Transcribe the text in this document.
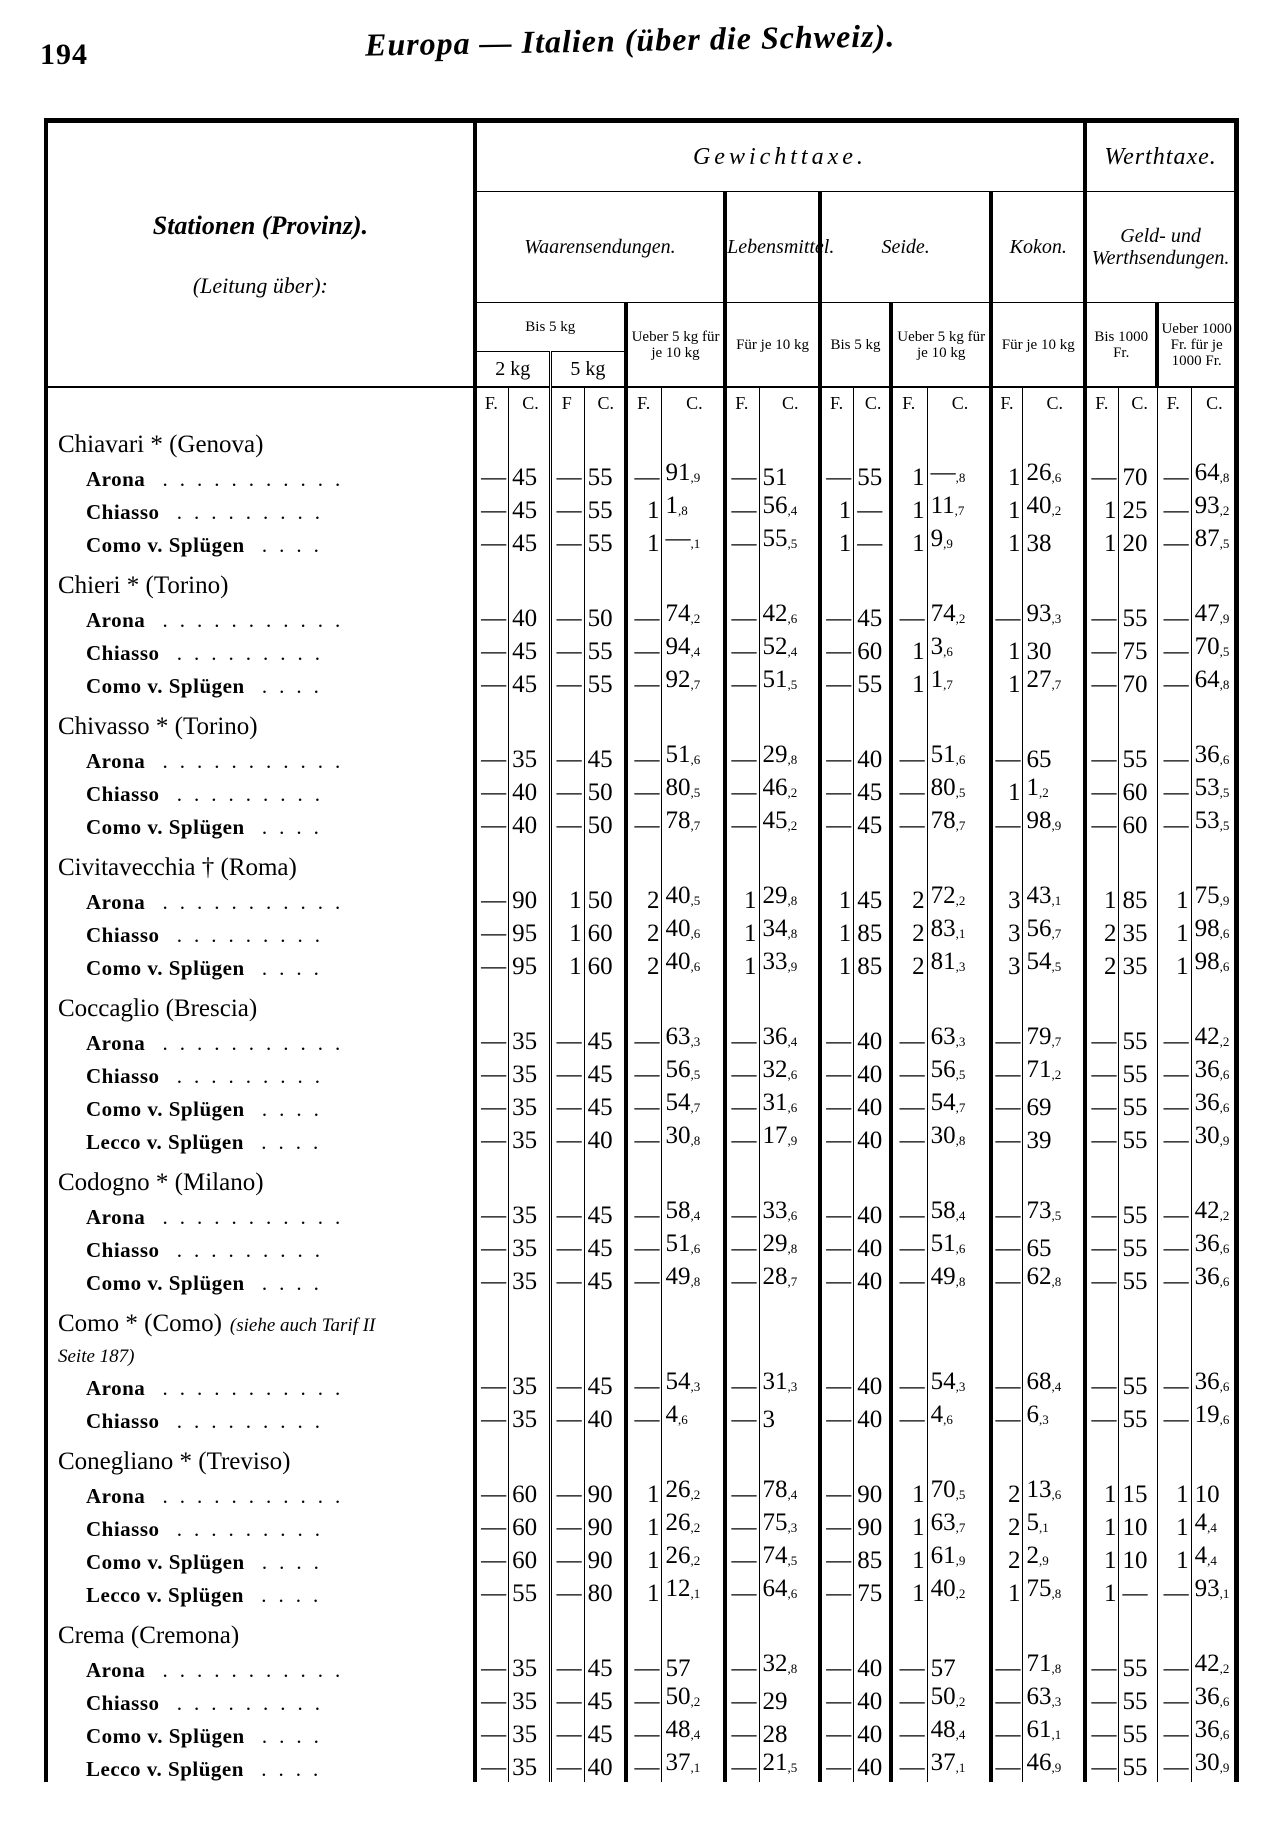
194	Europa — Italien (über die Schweiz).
Stationen (Provinz).
(Leitung über):	Gewichttaxe.														Werthtaxe.			
	Waarensendungen.						Lebensmittel.		Seide.				Kokon.		Geld- und Werthsendungen.			
	Bis 5 kg				Ueber 5 kg für je 10 kg		Für je 10 kg		Bis 5 kg		Ueber 5 kg für je 10 kg		Für je 10 kg		Bis 1000 Fr.		Ueber 1000 Fr. für je 1000 Fr.	
	2 kg		5 kg															
	F.	C.	F	C.	F.	C.	F.	C.	F.	C.	F.	C.	F.	C.	F.	C.	F.	C.
Chiavari * (Genova)																		
Arona ...........	—	45	—	55	—	$91_{,9}$	—	51	—	55	1	$—_{,8}$	1	$26_{,6}$	—	70	—	$64_{,8}$
Chiasso .........	—	45	—	55	1	$1_{,8}$	—	$56_{,4}$	1	—	1	$11_{,7}$	1	$40_{,2}$	1	25	—	$93_{,2}$
Como v. Splügen ....	—	45	—	55	1	$—_{,1}$	—	$55_{,5}$	1	—	1	$9_{,9}$	1	38	1	20	—	$87_{,5}$
Chieri * (Torino)																		
Arona ...........	—	40	—	50	—	$74_{,2}$	—	$42_{,6}$	—	45	—	$74_{,2}$	—	$93_{,3}$	—	55	—	$47_{,9}$
Chiasso .........	—	45	—	55	—	$94_{,4}$	—	$52_{,4}$	—	60	1	$3_{,6}$	1	30	—	75	—	$70_{,5}$
Como v. Splügen ....	—	45	—	55	—	$92_{,7}$	—	$51_{,5}$	—	55	1	$1_{,7}$	1	$27_{,7}$	—	70	—	$64_{,8}$
Chivasso * (Torino)																		
Arona ...........	—	35	—	45	—	$51_{,6}$	—	$29_{,8}$	—	40	—	$51_{,6}$	—	65	—	55	—	$36_{,6}$
Chiasso .........	—	40	—	50	—	$80_{,5}$	—	$46_{,2}$	—	45	—	$80_{,5}$	1	$1_{,2}$	—	60	—	$53_{,5}$
Como v. Splügen ....	—	40	—	50	—	$78_{,7}$	—	$45_{,2}$	—	45	—	$78_{,7}$	—	$98_{,9}$	—	60	—	$53_{,5}$
Civitavecchia † (Roma)																		
Arona ...........	—	90	1	50	2	$40_{,5}$	1	$29_{,8}$	1	45	2	$72_{,2}$	3	$43_{,1}$	1	85	1	$75_{,9}$
Chiasso .........	—	95	1	60	2	$40_{,6}$	1	$34_{,8}$	1	85	2	$83_{,1}$	3	$56_{,7}$	2	35	1	$98_{,6}$
Como v. Splügen ....	—	95	1	60	2	$40_{,6}$	1	$33_{,9}$	1	85	2	$81_{,3}$	3	$54_{,5}$	2	35	1	$98_{,6}$
Coccaglio (Brescia)																		
Arona ...........	—	35	—	45	—	$63_{,3}$	—	$36_{,4}$	—	40	—	$63_{,3}$	—	$79_{,7}$	—	55	—	$42_{,2}$
Chiasso .........	—	35	—	45	—	$56_{,5}$	—	$32_{,6}$	—	40	—	$56_{,5}$	—	$71_{,2}$	—	55	—	$36_{,6}$
Como v. Splügen ....	—	35	—	45	—	$54_{,7}$	—	$31_{,6}$	—	40	—	$54_{,7}$	—	69	—	55	—	$36_{,6}$
Lecco v. Splügen ....	—	35	—	40	—	$30_{,8}$	—	$17_{,9}$	—	40	—	$30_{,8}$	—	39	—	55	—	$30_{,9}$
Codogno * (Milano)																		
Arona ...........	—	35	—	45	—	$58_{,4}$	—	$33_{,6}$	—	40	—	$58_{,4}$	—	$73_{,5}$	—	55	—	$42_{,2}$
Chiasso .........	—	35	—	45	—	$51_{,6}$	—	$29_{,8}$	—	40	—	$51_{,6}$	—	65	—	55	—	$36_{,6}$
Como v. Splügen ....	—	35	—	45	—	$49_{,8}$	—	$28_{,7}$	—	40	—	$49_{,8}$	—	$62_{,8}$	—	55	—	$36_{,6}$
Como * (Como) (siehe auch Tarif II																		
Seite 187)																		
Arona ...........	—	35	—	45	—	$54_{,3}$	—	$31_{,3}$	—	40	—	$54_{,3}$	—	$68_{,4}$	—	55	—	$36_{,6}$
Chiasso .........	—	35	—	40	—	$4_{,6}$	—	3	—	40	—	$4_{,6}$	—	$6_{,3}$	—	55	—	$19_{,6}$
Conegliano * (Treviso)																		
Arona ...........	—	60	—	90	1	$26_{,2}$	—	$78_{,4}$	—	90	1	$70_{,5}$	2	$13_{,6}$	1	15	1	10
Chiasso .........	—	60	—	90	1	$26_{,2}$	—	$75_{,3}$	—	90	1	$63_{,7}$	2	$5_{,1}$	1	10	1	$4_{,4}$
Como v. Splügen ....	—	60	—	90	1	$26_{,2}$	—	$74_{,5}$	—	85	1	$61_{,9}$	2	$2_{,9}$	1	10	1	$4_{,4}$
Lecco v. Splügen ....	—	55	—	80	1	$12_{,1}$	—	$64_{,6}$	—	75	1	$40_{,2}$	1	$75_{,8}$	1	—	—	$93_{,1}$
Crema (Cremona)																		
Arona ...........	—	35	—	45	—	57	—	$32_{,8}$	—	40	—	57	—	$71_{,8}$	—	55	—	$42_{,2}$
Chiasso .........	—	35	—	45	—	$50_{,2}$	—	29	—	40	—	$50_{,2}$	—	$63_{,3}$	—	55	—	$36_{,6}$
Como v. Splügen ....	—	35	—	45	—	$48_{,4}$	—	28	—	40	—	$48_{,4}$	—	$61_{,1}$	—	55	—	$36_{,6}$
Lecco v. Splügen ....	—	35	—	40	—	$37_{,1}$	—	$21_{,5}$	—	40	—	$37_{,1}$	—	$46_{,9}$	—	55	—	$30_{,9}$
